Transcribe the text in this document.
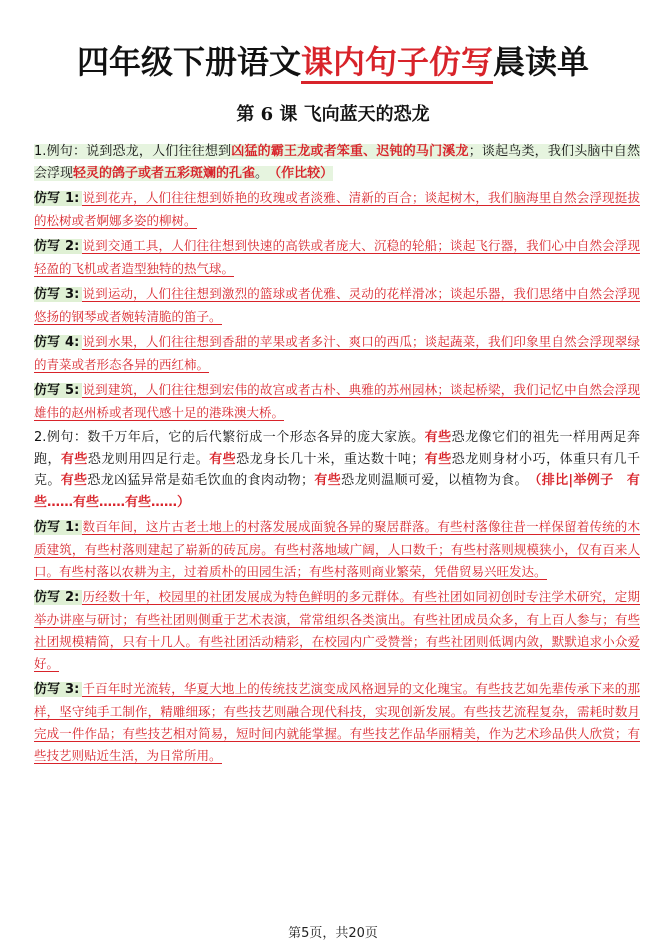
四年级下册语文课内句子仿写晨读单
第 6 课 飞向蓝天的恐龙

1.例句：说到恐龙，人们往往想到凶猛的霸王龙或者笨重、迟钝的马门溪龙；谈起鸟类，我们头脑中自然会浮现轻灵的鸽子或者五彩斑斓的孔雀。　 （作比较）

仿写 1: 说到花卉，人们往往想到娇艳的玫瑰或者淡雅、清新的百合；谈起树木，我们脑海里自然会浮现挺拔的松树或者婀娜多姿的柳树。

仿写 2: 说到交通工具，人们往往想到快速的高铁或者庞大、沉稳的轮船；谈起飞行器，我们心中自然会浮现轻盈的飞机或者造型独特的热气球。

仿写 3: 说到运动，人们往往想到激烈的篮球或者优雅、灵动的花样滑冰；谈起乐器，我们思绪中自然会浮现悠扬的钢琴或者婉转清脆的笛子。

仿写 4: 说到水果，人们往往想到香甜的苹果或者多汁、爽口的西瓜；谈起蔬菜，我们印象里自然会浮现翠绿的青菜或者形态各异的西红柿。

仿写 5: 说到建筑，人们往往想到宏伟的故宫或者古朴、典雅的苏州园林；谈起桥梁，我们记忆中自然会浮现雄伟的赵州桥或者现代感十足的港珠澳大桥。

2.例句：数千万年后，它的后代繁衍成一个形态各异的庞大家族。有些恐龙像它们的祖先一样用两足奔跑，有些恐龙则用四足行走。有些恐龙身长几十米，重达数十吨；有些恐龙则身材小巧，体重只有几千克。有些恐龙凶猛异常是茹毛饮血的食肉动物；有些恐龙则温顺可爱，以植物为食。　 （排比|举例子　有些……有些……有些……）

仿写 1: 数百年间，这片古老土地上的村落发展成面貌各异的聚居群落。有些村落像往昔一样保留着传统的木质建筑，有些村落则建起了崭新的砖瓦房。有些村落地域广阔，人口数千；有些村落则规模狭小，仅有百来人口。有些村落以农耕为主，过着质朴的田园生活；有些村落则商业繁荣，凭借贸易兴旺发达。

仿写 2: 历经数十年，校园里的社团发展成为特色鲜明的多元群体。有些社团如同初创时专注学术研究，定期举办讲座与研讨；有些社团则侧重于艺术表演，常常组织各类演出。有些社团成员众多，有上百人参与；有些社团规模精简，只有十几人。有些社团活动精彩，在校园内广受赞誉；有些社团则低调内敛，默默追求小众爱好。

仿写 3: 千百年时光流转，华夏大地上的传统技艺演变成风格迥异的文化瑰宝。有些技艺如先辈传承下来的那样，坚守纯手工制作，精雕细琢；有些技艺则融合现代科技，实现创新发展。有些技艺流程复杂，需耗时数月完成一件作品；有些技艺相对简易，短时间内就能掌握。有些技艺作品华丽精美，作为艺术珍品供人欣赏；有些技艺则贴近生活，为日常所用。

第5页，共20页
